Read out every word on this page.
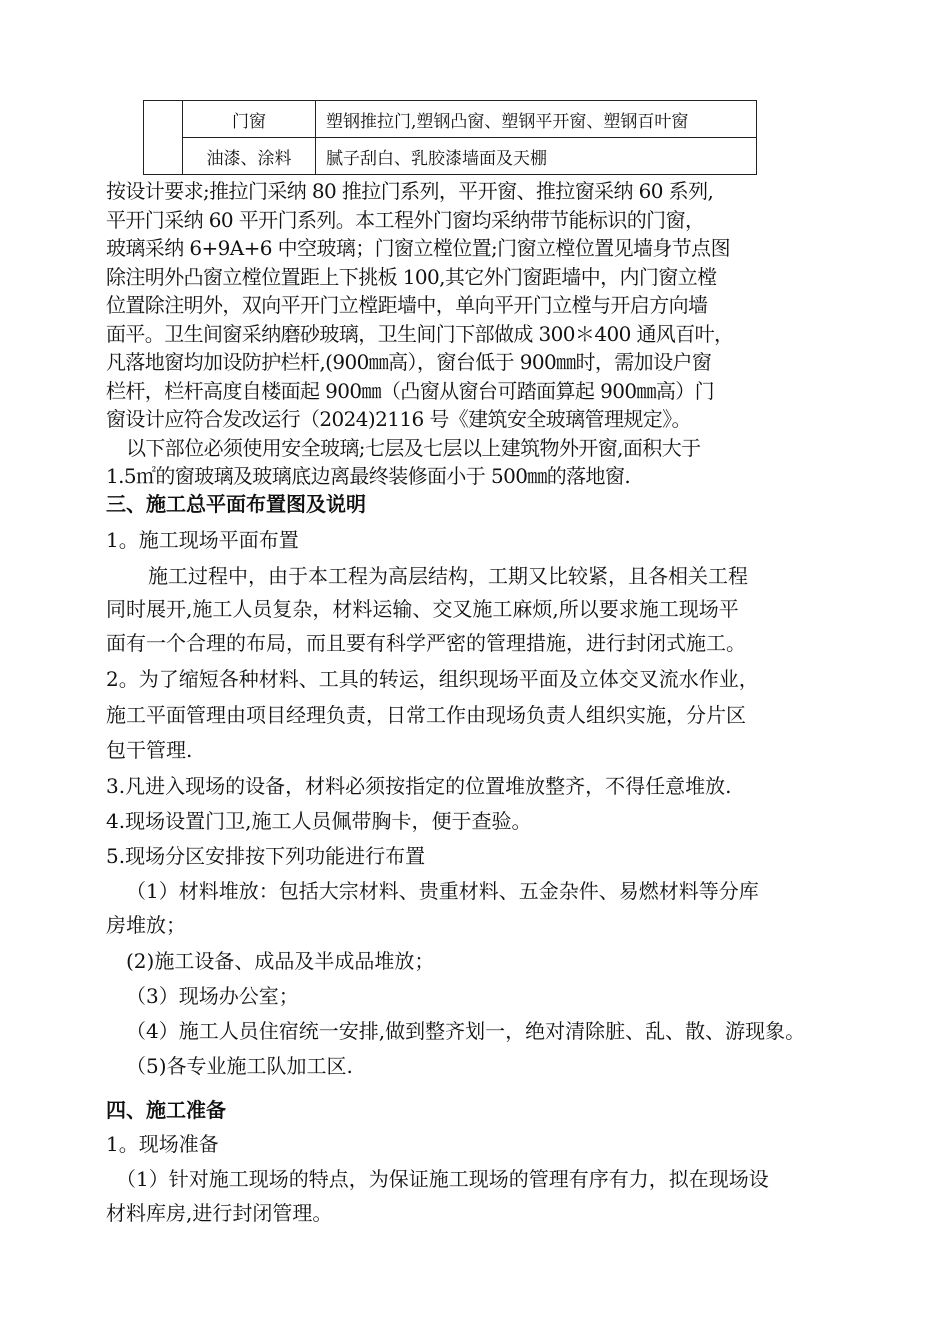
	门窗	塑钢推拉门,塑钢凸窗、塑钢平开窗、塑钢百叶窗
	油漆、涂料	腻子刮白、乳胶漆墙面及天棚
按设计要求;推拉门采纳 80 推拉门系列，平开窗、推拉窗采纳 60 系列,
平开门采纳 60 平开门系列。本工程外门窗均采纳带节能标识的门窗，
玻璃采纳 6+9A+6 中空玻璃；门窗立樘位置;门窗立樘位置见墙身节点图
除注明外凸窗立樘位置距上下挑板 100,其它外门窗距墙中，内门窗立樘
位置除注明外，双向平开门立樘距墙中，单向平开门立樘与开启方向墙
面平。卫生间窗采纳磨砂玻璃，卫生间门下部做成 300＊400 通风百叶，
凡落地窗均加设防护栏杆,(900㎜高），窗台低于 900㎜时，需加设户窗
栏杆，栏杆高度自楼面起 900㎜（凸窗从窗台可踏面算起 900㎜高）门
窗设计应符合发改运行（2024)2116 号《建筑安全玻璃管理规定》。
以下部位必须使用安全玻璃;七层及七层以上建筑物外开窗,面积大于
1.5㎡的窗玻璃及玻璃底边离最终装修面小于 500㎜的落地窗.
三、施工总平面布置图及说明
1。施工现场平面布置
施工过程中，由于本工程为高层结构，工期又比较紧，且各相关工程
同时展开,施工人员复杂，材料运输、交叉施工麻烦,所以要求施工现场平
面有一个合理的布局，而且要有科学严密的管理措施，进行封闭式施工。
2。为了缩短各种材料、工具的转运，组织现场平面及立体交叉流水作业，
施工平面管理由项目经理负责，日常工作由现场负责人组织实施，分片区
包干管理.
3.凡进入现场的设备，材料必须按指定的位置堆放整齐，不得任意堆放.
4.现场设置门卫,施工人员佩带胸卡，便于查验。
5.现场分区安排按下列功能进行布置
（1）材料堆放：包括大宗材料、贵重材料、五金杂件、易燃材料等分库
房堆放；
(2)施工设备、成品及半成品堆放；
（3）现场办公室；
（4）施工人员住宿统一安排,做到整齐划一，绝对清除脏、乱、散、游现象。
（5)各专业施工队加工区.
四、施工准备
1。现场准备
（1）针对施工现场的特点，为保证施工现场的管理有序有力，拟在现场设
材料库房,进行封闭管理。
